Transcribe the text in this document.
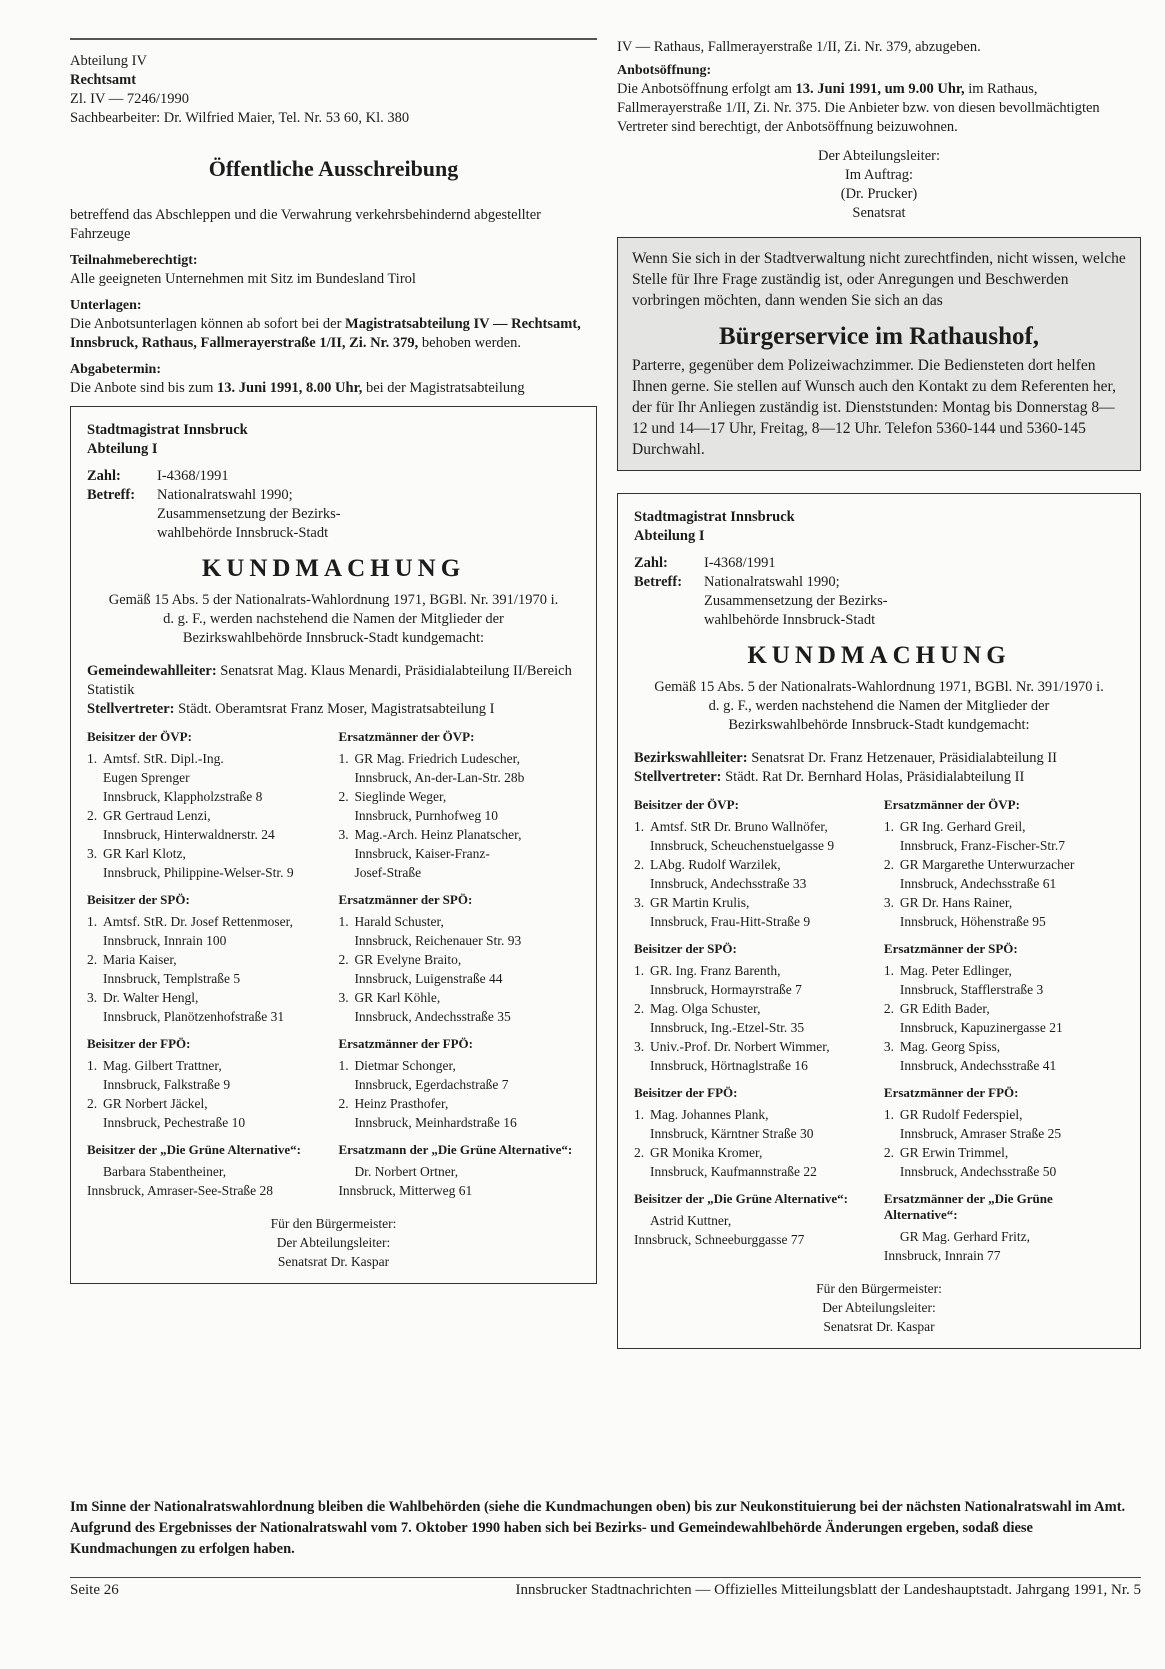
Abteilung IV

Rechtsamt

Zl. IV — 7246/1990

Sachbearbeiter: Dr. Wilfried Maier, Tel. Nr. 53 60, Kl. 380

Öffentliche Ausschreibung

betreffend das Abschleppen und die Verwahrung verkehrsbehindernd abgestellter Fahrzeuge

Teilnahmeberechtigt:

Alle geeigneten Unternehmen mit Sitz im Bundesland Tirol

Unterlagen:

Die Anbotsunterlagen können ab sofort bei der Magistratsabteilung IV — Rechtsamt, Innsbruck, Rathaus, Fallmerayerstraße 1/II, Zi. Nr. 379, behoben werden.

Abgabetermin:

Die Anbote sind bis zum 13. Juni 1991, 8.00 Uhr, bei der Magistratsabteilung

Stadtmagistrat Innsbruck

Abteilung I

Zahl:	I-4368/1991
Betreff:	Nationalratswahl 1990;
Zusammensetzung der Bezirks-
wahlbehörde Innsbruck-Stadt
KUNDMACHUNG

Gemäß 15 Abs. 5 der Nationalrats-Wahlordnung 1971, BGBl. Nr. 391/1970 i. d. g. F., werden nachstehend die Namen der Mitglieder der Bezirkswahlbehörde Innsbruck-Stadt kundgemacht:

Gemeindewahlleiter: Senatsrat Mag. Klaus Menardi, Präsidialabteilung II/Bereich Statistik

Stellvertreter: Städt. Oberamtsrat Franz Moser, Magistratsabteilung I

Beisitzer der ÖVP:
1. Amtsf. StR. Dipl.-Ing.
Eugen Sprenger
Innsbruck, Klappholzstraße 8
2. GR Gertraud Lenzi,
Innsbruck, Hinterwaldnerstr. 24
3. GR Karl Klotz,
Innsbruck, Philippine-Welser-Str. 9
Ersatzmänner der ÖVP:
1. GR Mag. Friedrich Ludescher,
Innsbruck, An-der-Lan-Str. 28b
2. Sieglinde Weger,
Innsbruck, Purnhofweg 10
3. Mag.-Arch. Heinz Planatscher,
Innsbruck, Kaiser-Franz-
Josef-Straße
Beisitzer der SPÖ:
1. Amtsf. StR. Dr. Josef Rettenmoser,
Innsbruck, Innrain 100
2. Maria Kaiser,
Innsbruck, Templstraße 5
3. Dr. Walter Hengl,
Innsbruck, Planötzenhofstraße 31
Ersatzmänner der SPÖ:
1. Harald Schuster,
Innsbruck, Reichenauer Str. 93
2. GR Evelyne Braito,
Innsbruck, Luigenstraße 44
3. GR Karl Köhle,
Innsbruck, Andechsstraße 35
Beisitzer der FPÖ:
1. Mag. Gilbert Trattner,
Innsbruck, Falkstraße 9
2. GR Norbert Jäckel,
Innsbruck, Pechestraße 10
Ersatzmänner der FPÖ:
1. Dietmar Schonger,
Innsbruck, Egerdachstraße 7
2. Heinz Prasthofer,
Innsbruck, Meinhardstraße 16
Beisitzer der „Die Grüne Alternative“:
Barbara Stabentheiner,
Innsbruck, Amraser-See-Straße 28
Ersatzmann der „Die Grüne Alternative“:
Dr. Norbert Ortner,
Innsbruck, Mitterweg 61
Für den Bürgermeister:
Der Abteilungsleiter:
Senatsrat Dr. Kaspar

IV — Rathaus, Fallmerayerstraße 1/II, Zi. Nr. 379, abzugeben.

Anbotsöffnung:

Die Anbotsöffnung erfolgt am 13. Juni 1991, um 9.00 Uhr, im Rathaus, Fallmerayerstraße 1/II, Zi. Nr. 375. Die Anbieter bzw. von diesen bevollmächtigten Vertreter sind berechtigt, der Anbotsöffnung beizuwohnen.

Der Abteilungsleiter:
Im Auftrag:
(Dr. Prucker)
Senatsrat

Wenn Sie sich in der Stadtverwaltung nicht zurechtfinden, nicht wissen, welche Stelle für Ihre Frage zuständig ist, oder Anregungen und Beschwerden vorbringen möchten, dann wenden Sie sich an das

Bürgerservice im Rathaushof,

Parterre, gegenüber dem Polizeiwachzimmer. Die Bediensteten dort helfen Ihnen gerne. Sie stellen auf Wunsch auch den Kontakt zu dem Referenten her, der für Ihr Anliegen zuständig ist. Dienststunden: Montag bis Donnerstag 8—12 und 14—17 Uhr, Freitag, 8—12 Uhr. Telefon 5360-144 und 5360-145 Durchwahl.

Stadtmagistrat Innsbruck

Abteilung I

Zahl:	I-4368/1991
Betreff:	Nationalratswahl 1990;
Zusammensetzung der Bezirks-
wahlbehörde Innsbruck-Stadt
KUNDMACHUNG

Gemäß 15 Abs. 5 der Nationalrats-Wahlordnung 1971, BGBl. Nr. 391/1970 i. d. g. F., werden nachstehend die Namen der Mitglieder der Bezirkswahlbehörde Innsbruck-Stadt kundgemacht:

Bezirkswahlleiter: Senatsrat Dr. Franz Hetzenauer, Präsidialabteilung II

Stellvertreter: Städt. Rat Dr. Bernhard Holas, Präsidialabteilung II

Beisitzer der ÖVP:
1. Amtsf. StR Dr. Bruno Wallnöfer,
Innsbruck, Scheuchenstuelgasse 9
2. LAbg. Rudolf Warzilek,
Innsbruck, Andechsstraße 33
3. GR Martin Krulis,
Innsbruck, Frau-Hitt-Straße 9
Ersatzmänner der ÖVP:
1. GR Ing. Gerhard Greil,
Innsbruck, Franz-Fischer-Str.7
2. GR Margarethe Unterwurzacher
Innsbruck, Andechsstraße 61
3. GR Dr. Hans Rainer,
Innsbruck, Höhenstraße 95
Beisitzer der SPÖ:
1. GR. Ing. Franz Barenth,
Innsbruck, Hormayrstraße 7
2. Mag. Olga Schuster,
Innsbruck, Ing.-Etzel-Str. 35
3. Univ.-Prof. Dr. Norbert Wimmer,
Innsbruck, Hörtnaglstraße 16
Ersatzmänner der SPÖ:
1. Mag. Peter Edlinger,
Innsbruck, Stafflerstraße 3
2. GR Edith Bader,
Innsbruck, Kapuzinergasse 21
3. Mag. Georg Spiss,
Innsbruck, Andechsstraße 41
Beisitzer der FPÖ:
1. Mag. Johannes Plank,
Innsbruck, Kärntner Straße 30
2. GR Monika Kromer,
Innsbruck, Kaufmannstraße 22
Ersatzmänner der FPÖ:
1. GR Rudolf Federspiel,
Innsbruck, Amraser Straße 25
2. GR Erwin Trimmel,
Innsbruck, Andechsstraße 50
Beisitzer der „Die Grüne Alternative“:
Astrid Kuttner,
Innsbruck, Schneeburggasse 77
Ersatzmänner der „Die Grüne Alternative“:
GR Mag. Gerhard Fritz,
Innsbruck, Innrain 77
Für den Bürgermeister:
Der Abteilungsleiter:
Senatsrat Dr. Kaspar
Im Sinne der Nationalratswahlordnung bleiben die Wahlbehörden (siehe die Kundmachungen oben) bis zur Neukonstituierung bei der nächsten Nationalratswahl im Amt. Aufgrund des Ergebnisses der Nationalratswahl vom 7. Oktober 1990 haben sich bei Bezirks- und Gemeindewahlbehörde Änderungen ergeben, sodaß diese Kundmachungen zu erfolgen haben.
Seite 26	Innsbrucker Stadtnachrichten — Offizielles Mitteilungsblatt der Landeshauptstadt. Jahrgang 1991, Nr. 5
